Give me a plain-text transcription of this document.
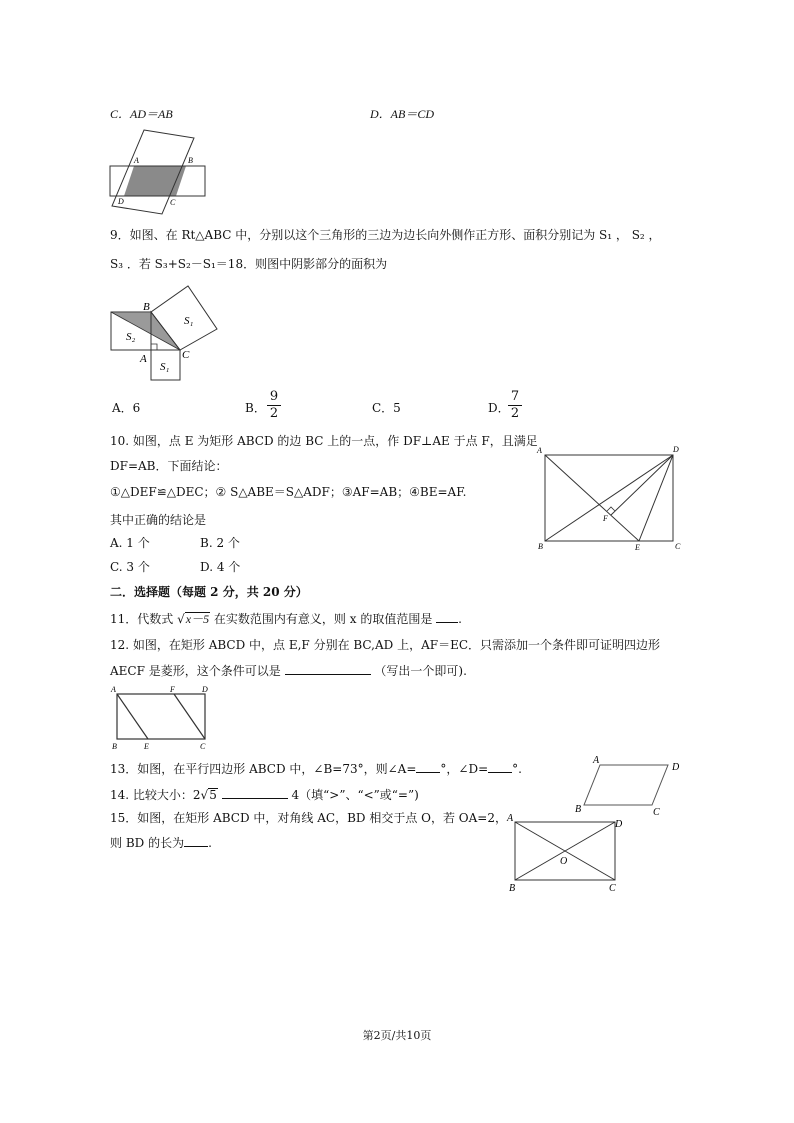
C．AD＝AB	D．AB＝CD
A	B
C
D
9．如图、在 Rt△ABC 中，分别以这个三角形的三边为边长向外侧作正方形、面积分别记为 S₁ ， S₂ ，
S₃ ．若 S₃+S₂－S₁＝18．则图中阴影部分的面积为
B
A	C
S₁
S₂
S₁
A．6	B．
9
2	C．5	D．
7
2
10. 如图，点 E 为矩形 ABCD 的边 BC 上的一点，作 DF⊥AE 于点 F，且满足
DF=AB．下面结论：
①△DEF≌△DEC；② S△ABE＝S△ADF；③AF=AB；④BE=AF.
其中正确的结论是
A. 1 个	B. 2 个
C. 3 个	D. 4 个
A	D
F
B	E	C
二．选择题（每题 2 分，共 20 分）
11．代数式 √x－5 在实数范围内有意义，则 x 的取值范围是 .
12. 如图，在矩形 ABCD 中，点 E,F 分别在 BC,AD 上，AF＝EC．只需添加一个条件即可证明四边形
AECF 是菱形，这个条件可以是	（写出一个即可).
A	F	D
B	E	C
13．如图，在平行四边形 ABCD 中，∠B=73°，则∠A= °，∠D= °.
A
D
B	C
14. 比较大小：2√5	4（填“>”、“<”或“=”)
15．如图，在矩形 ABCD 中，对角线 AC，BD 相交于点 O，若 OA=2，
则 BD 的长为 .
A
D
O
B	C
第2页/共10页
